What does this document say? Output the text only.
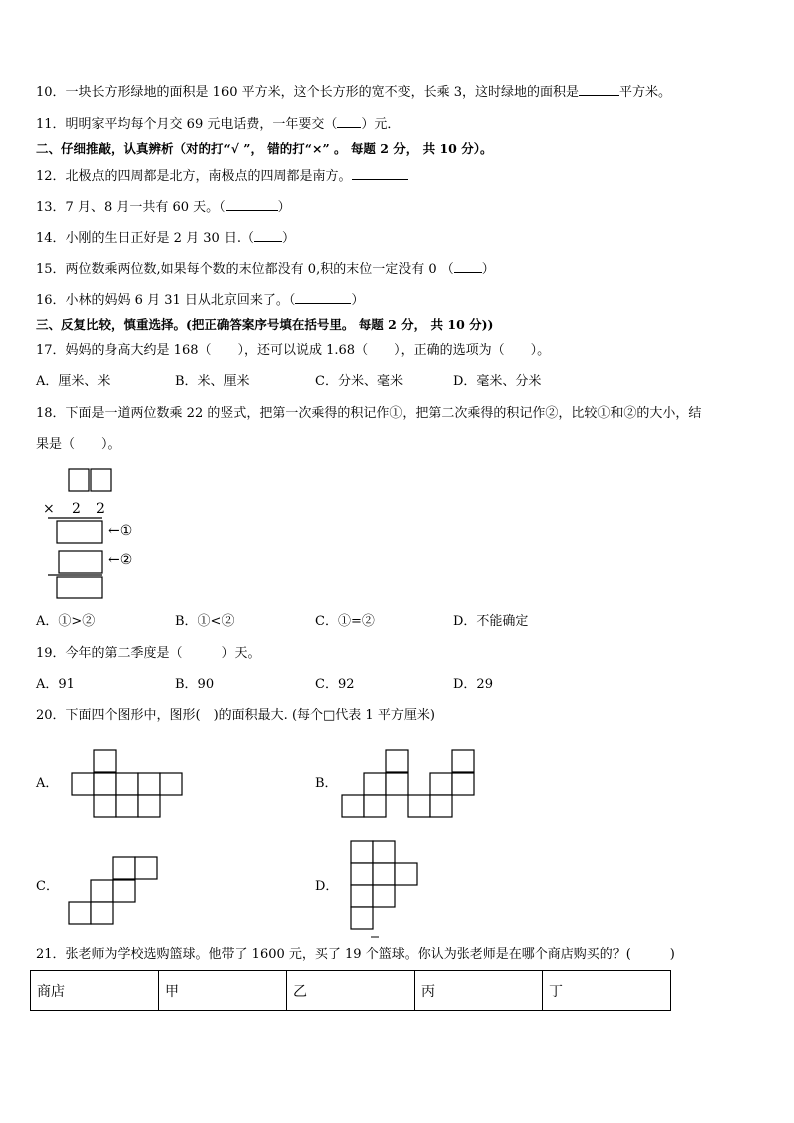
10．一块长方形绿地的面积是 160 平方米，这个长方形的宽不变，长乘 3，这时绿地的面积是	平方米。
11．明明家平均每个月交 69 元电话费，一年要交（ ）元．
二、仔细推敲，认真辨析（对的打“√ ”， 错的打“×” 。 每题 2 分， 共 10 分）。
12．北极点的四周都是北方，南极点的四周都是南方。
13．7 月、8 月一共有 60 天。（	）
14．小刚的生日正好是 2 月 30 日.（ ）
15．两位数乘两位数,如果每个数的末位都没有 0,积的末位一定没有 0 （ ）
16．小林的妈妈 6 月 31 日从北京回来了。（	）
三、反复比较，慎重选择。(把正确答案序号填在括号里。 每题 2 分， 共 10 分))
17．妈妈的身高大约是 168（　　），还可以说成 1.68（　　），正确的选项为（　　）。
A．厘米、米	B．米、厘米	C．分米、毫米	D．毫米、分米
18．下面是一道两位数乘 22 的竖式，把第一次乘得的积记作①，把第二次乘得的积记作②，比较①和②的大小，结
果是（　　）。
× 2 2
←①
←②
A．①>②	B．①<②	C．①=②	D．不能确定
19．今年的第二季度是（　　　）天。
A．91	B．90	C．92	D．29
20．下面四个图形中，图形(　)的面积最大. (每个□代表 1 平方厘米)
A．	B．
C．	D．
21．张老师为学校选购篮球。他带了 1600 元，买了 19 个篮球。你认为张老师是在哪个商店购买的？(　　　)
商店	甲	乙	丙	丁
